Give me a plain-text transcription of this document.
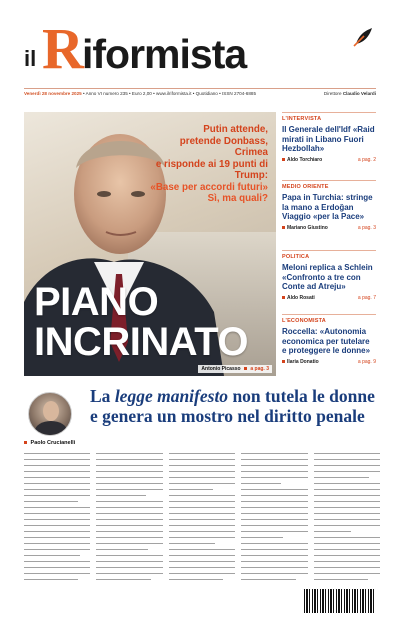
il R
iformista
Venerdì 28 novembre 2025 • Anno VI numero 235 • Euro 2,00 • www.ilriformista.it • Quotidiano • ISSN 2704-6885	Direttore Claudio Velardi
Putin attende,
pretende Donbass, Crimea
e risponde ai 19 punti di Trump:
«Base per accordi futuri»
Sì, ma quali?
PIANO
INCRINATO
Antonio Picasso a pag. 3
L'INTERVISTA
Il Generale dell'Idf «Raid mirati in Libano Fuori Hezbollah»
Aldo Torchiaro	a pag. 2
MEDIO ORIENTE
Papa in Turchia: stringe la mano a Erdoğan Viaggio «per la Pace»
Mariano Giustino	a pag. 3
POLITICA
Meloni replica a Schlein «Confronto a tre con Conte ad Atreju»
Aldo Rosati	a pag. 7
L'ECONOMISTA
Roccella: «Autonomia economica per tutelare e proteggere le donne»
Ilaria Donatio	a pag. 9
La legge manifesto non tutela le donne e genera un mostro nel diritto penale
Paolo Crucianelli
